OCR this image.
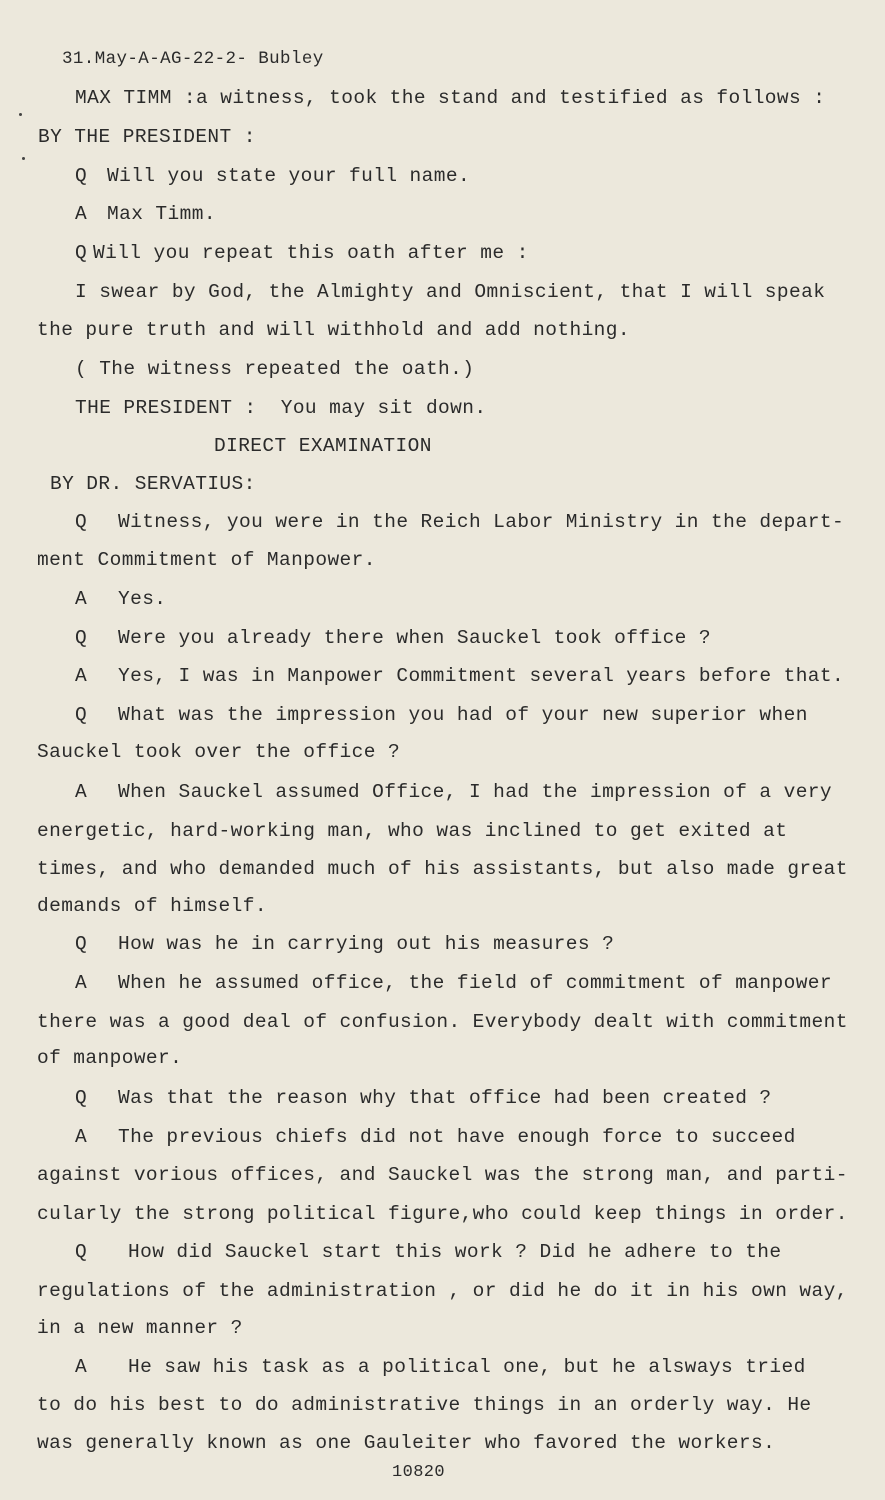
31.May-A-AG-22-2- Bubley
MAX TIMM :a witness, took the stand and testified as follows :
BY THE PRESIDENT :
Q Will you state your full name.
A Max Timm.
Q Will you repeat this oath after me :
I swear by God, the Almighty and Omniscient, that I will speak
the pure truth and will withhold and add nothing.
( The witness repeated the oath.)
THE PRESIDENT :  You may sit down.
DIRECT EXAMINATION
BY DR. SERVATIUS:
Q Witness, you were in the Reich Labor Ministry in the depart-
ment Commitment of Manpower.
A Yes.
Q Were you already there when Sauckel took office ?
A Yes, I was in Manpower Commitment several years before that.
Q What was the impression you had of your new superior when
Sauckel took over the office ?
A When Sauckel assumed Office, I had the impression of a very
energetic, hard-working man, who was inclined to get exited at
times, and who demanded much of his assistants, but also made great
demands of himself.
Q How was he in carrying out his measures ?
A When he assumed office, the field of commitment of manpower
there was a good deal of confusion. Everybody dealt with commitment
of manpower.
Q Was that the reason why that office had been created ?
A The previous chiefs did not have enough force to succeed
against vorious offices, and Sauckel was the strong man, and parti-
cularly the strong political figure,who could keep things in order.
Q How did Sauckel start this work ? Did he adhere to the
regulations of the administration , or did he do it in his own way,
in a new manner ?
A He saw his task as a political one, but he alsways tried
to do his best to do administrative things in an orderly way. He
was generally known as one Gauleiter who favored the workers.
10820
